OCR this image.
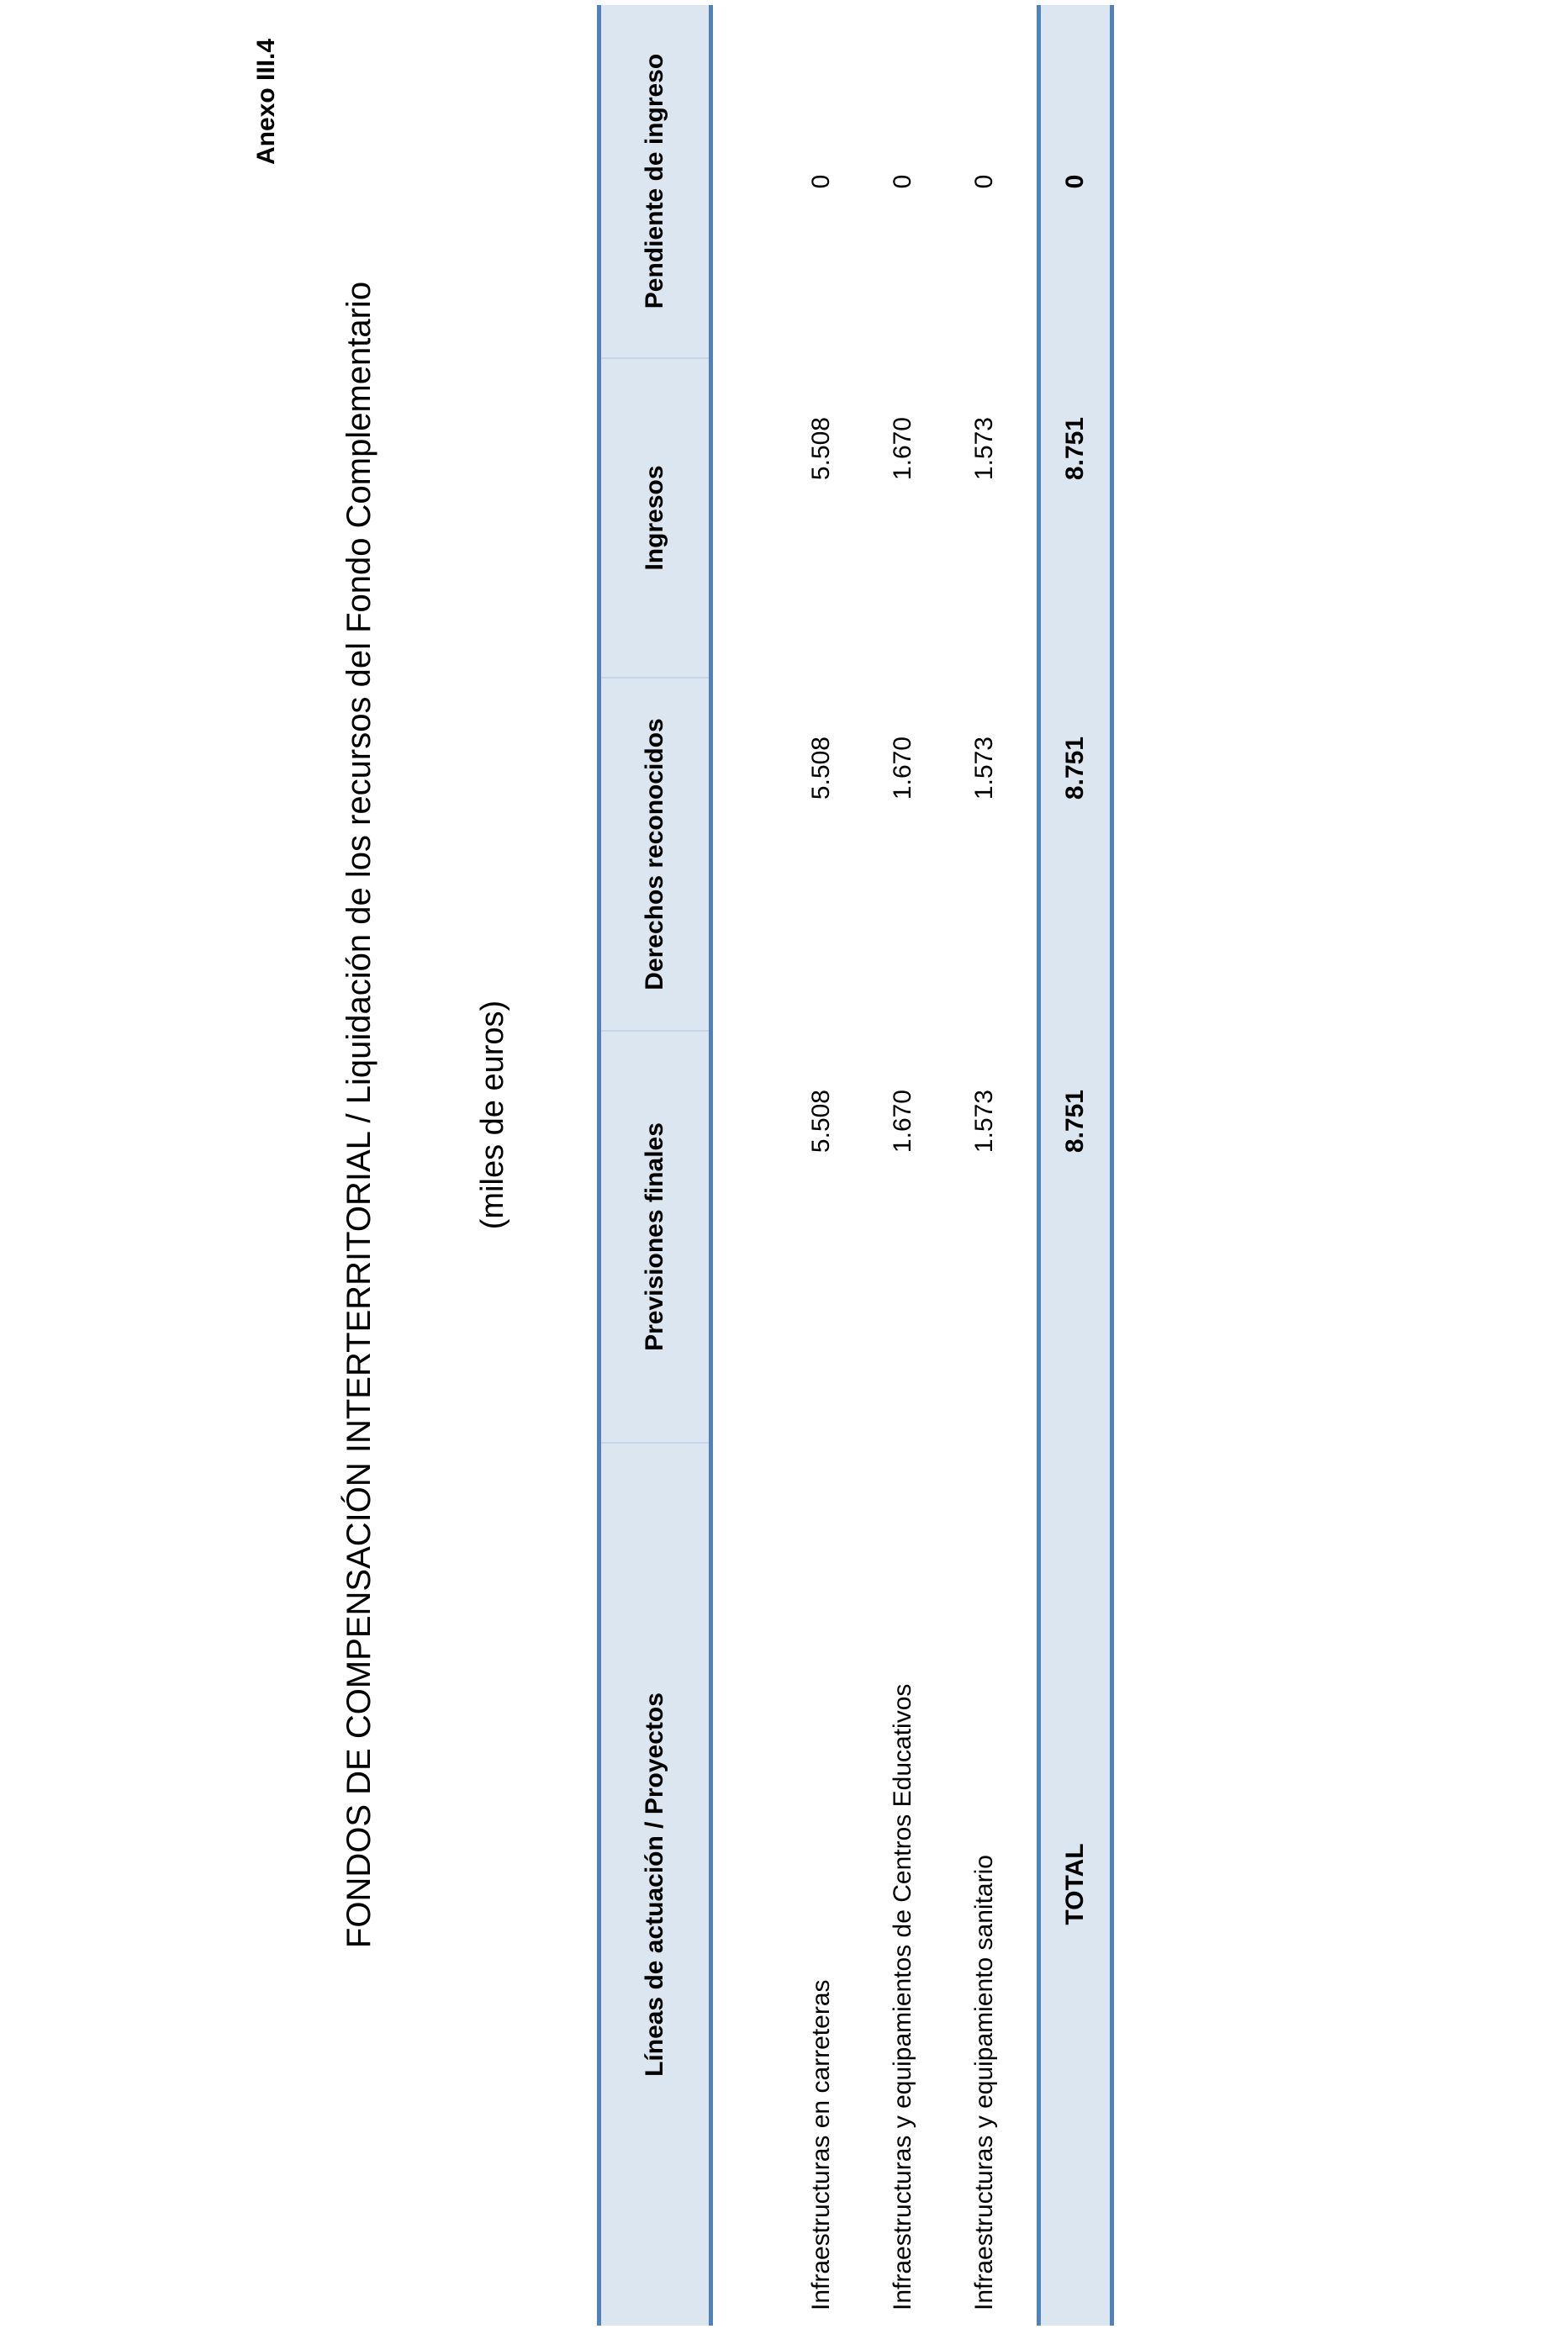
Anexo III.4
FONDOS DE COMPENSACIÓN INTERTERRITORIAL / Liquidación de los recursos del Fondo Complementario	(miles de euros)
Líneas de actuación / Proyectos	Previsiones finales	Derechos reconocidos	Ingresos	Pendiente de ingreso

Infraestructuras en carreteras	5.508	5.508	5.508	0
Infraestructuras y equipamientos de Centros Educativos	1.670	1.670	1.670	0
Infraestructuras y equipamiento sanitario	1.573	1.573	1.573	0

TOTAL	8.751	8.751	8.751	0
